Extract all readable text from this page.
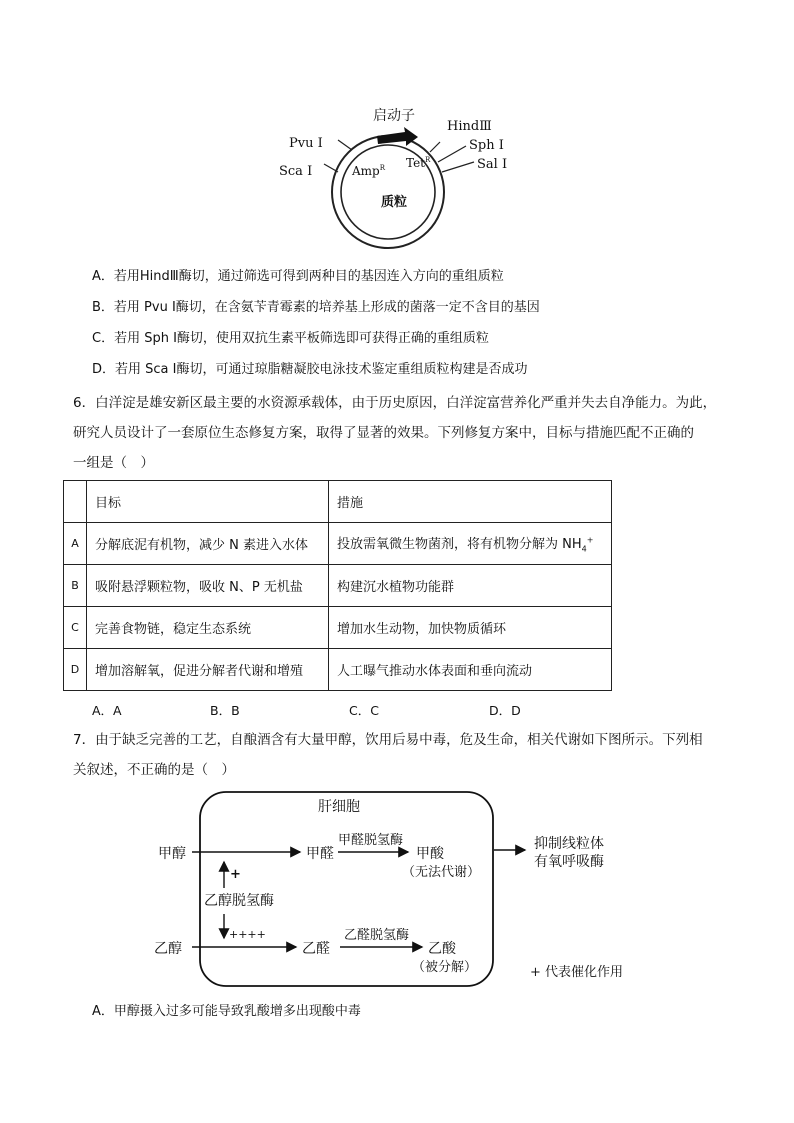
启动子
HindⅢ
Sph Ⅰ
Sal Ⅰ
Pvu Ⅰ
Sca Ⅰ	Amp$^R$ Tet$^R$
质粒
A．若用HindⅢ酶切，通过筛选可得到两种目的基因连入方向的重组质粒
B．若用 Pvu Ⅰ酶切，在含氨苄青霉素的培养基上形成的菌落一定不含目的基因
C．若用 Sph Ⅰ酶切，使用双抗生素平板筛选即可获得正确的重组质粒
D．若用 Sca Ⅰ酶切，可通过琼脂糖凝胶电泳技术鉴定重组质粒构建是否成功
6．白洋淀是雄安新区最主要的水资源承载体，由于历史原因，白洋淀富营养化严重并失去自净能力。为此，
研究人员设计了一套原位生态修复方案，取得了显著的效果。下列修复方案中，目标与措施匹配不正确的
一组是（　）
	目标	措施
A	分解底泥有机物，减少 N 素进入水体	投放需氧微生物菌剂，将有机物分解为 $NH_4^+$
B	吸附悬浮颗粒物，吸收 N、P 无机盐	构建沉水植物功能群
C	完善食物链，稳定生态系统	增加水生动物，加快物质循环
D	增加溶解氧，促进分解者代谢和增殖	人工曝气推动水体表面和垂向流动
A．A	B．B	C．C	D．D
7．由于缺乏完善的工艺，自酿酒含有大量甲醇，饮用后易中毒，危及生命，相关代谢如下图所示。下列相
关叙述，不正确的是（　）
肝细胞
甲醇	甲醛
甲醛脱氢酶
甲酸
（无法代谢）
抑制线粒体
有氧呼吸酶
+
乙醇脱氢酶
++++
乙醇	乙醛
乙醛脱氢酶
乙酸
（被分解）	+ 代表催化作用
A．甲醇摄入过多可能导致乳酸增多出现酸中毒
